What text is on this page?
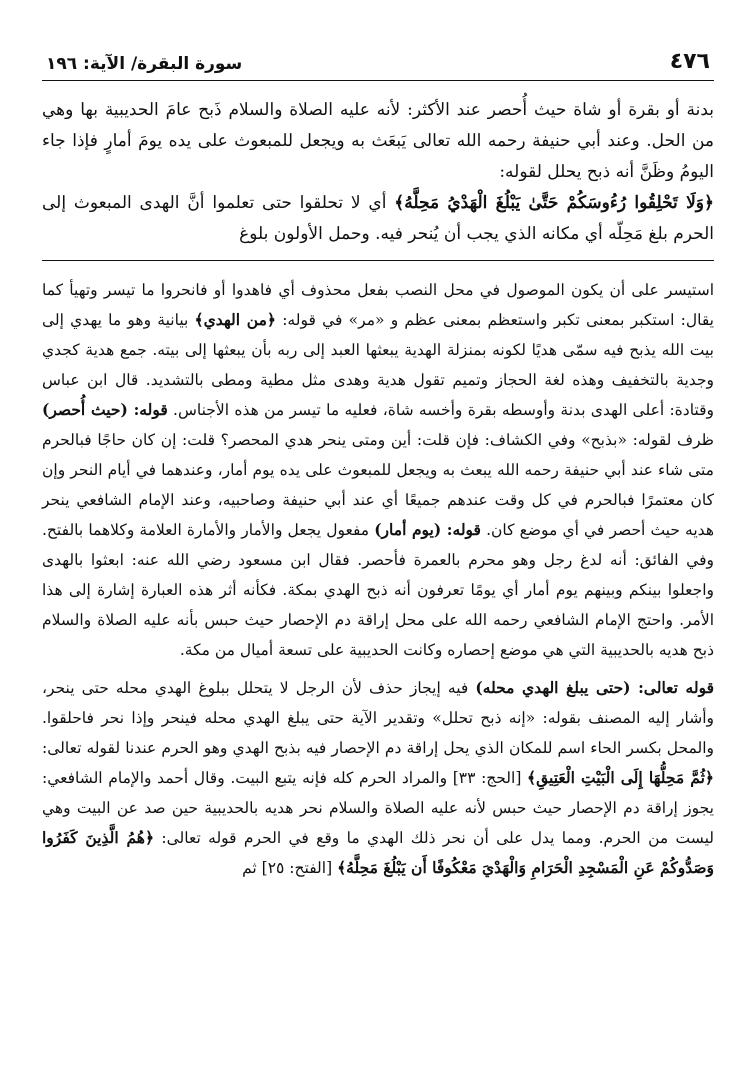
٤٧٦
سورة البقرة/ الآية: ١٩٦

بدنة أو بقرة أو شاة حيث أُحصر عند الأكثر: لأنه عليه الصلاة والسلام ذَبح عامَ الحديبية بها وهي من الحل. وعند أبي حنيفة رحمه الله تعالى يَبعَث به ويجعل للمبعوث على يده يومَ أمارٍ فإذا جاء اليومُ وظَنَّ أنه ذبح يحلل لقوله:

﴿وَلَا تَحْلِقُوا رُءُوسَكُمْ حَتَّىٰ يَبْلُغَ الْهَدْيُ مَحِلَّهُ﴾ أي لا تحلقوا حتى تعلموا أنَّ الهدى المبعوث إلى الحرم بلغ مَحِلّه أي مكانه الذي يجب أن يُنحر فيه. وحمل الأولون بلوغ

استيسر على أن يكون الموصول في محل النصب بفعل محذوف أي فاهدوا أو فانحروا ما تيسر وتهيأ كما يقال: استكبر بمعنى تكبر واستعظم بمعنى عظم و «مر» في قوله: ﴿من الهدي﴾ بيانية وهو ما يهدي إلى بيت الله يذبح فيه سمّى هديًا لكونه بمنزلة الهدية يبعثها العبد إلى ربه بأن يبعثها إلى بيته. جمع هدية كجدي وجدية بالتخفيف وهذه لغة الحجاز وتميم تقول هدية وهدى مثل مطية ومطى بالتشديد. قال ابن عباس وقتادة: أعلى الهدى بدنة وأوسطه بقرة وأخسه شاة، فعليه ما تيسر من هذه الأجناس. قوله: (حيث أُحصر) ظرف لقوله: «بذبح» وفي الكشاف: فإن قلت: أين ومتى ينحر هدي المحصر؟ قلت: إن كان حاجًا فبالحرم متى شاء عند أبي حنيفة رحمه الله يبعث به ويجعل للمبعوث على يده يوم أمار، وعندهما في أيام النحر وإن كان معتمرًا فبالحرم في كل وقت عندهم جميعًا أي عند أبي حنيفة وصاحبيه، وعند الإمام الشافعي ينحر هديه حيث أحصر في أي موضع كان. قوله: (يوم أمار) مفعول يجعل والأمار والأمارة العلامة وكلاهما بالفتح. وفي الفائق: أنه لدغ رجل وهو محرم بالعمرة فأحصر. فقال ابن مسعود رضي الله عنه: ابعثوا بالهدى واجعلوا بينكم وبينهم يوم أمار أي يومًا تعرفون أنه ذبح الهدي بمكة. فكأنه أثر هذه العبارة إشارة إلى هذا الأمر. واحتج الإمام الشافعي رحمه الله على محل إراقة دم الإحصار حيث حبس بأنه عليه الصلاة والسلام ذبح هديه بالحديبية التي هي موضع إحصاره وكانت الحديبية على تسعة أميال من مكة.

قوله تعالى: (حتى يبلغ الهدي محله) فيه إيجاز حذف لأن الرجل لا يتحلل ببلوغ الهدي محله حتى ينحر، وأشار إليه المصنف بقوله: «إنه ذبح تحلل» وتقدير الآية حتى يبلغ الهدي محله فينحر وإذا نحر فاحلقوا. والمحل بكسر الحاء اسم للمكان الذي يحل إراقة دم الإحصار فيه بذبح الهدي وهو الحرم عندنا لقوله تعالى: ﴿ثُمَّ مَحِلُّهَا إِلَى الْبَيْتِ الْعَتِيقِ﴾ [الحج: ٣٣] والمراد الحرم كله فإنه يتبع البيت. وقال أحمد والإمام الشافعي: يجوز إراقة دم الإحصار حيث حبس لأنه عليه الصلاة والسلام نحر هديه بالحديبية حين صد عن البيت وهي ليست من الحرم. ومما يدل على أن نحر ذلك الهدي ما وقع في الحرم قوله تعالى: ﴿هُمُ الَّذِينَ كَفَرُوا وَصَدُّوكُمْ عَنِ الْمَسْجِدِ الْحَرَامِ وَالْهَدْيَ مَعْكُوفًا أَن يَبْلُغَ مَحِلَّهُ﴾ [الفتح: ٢٥] ثم
